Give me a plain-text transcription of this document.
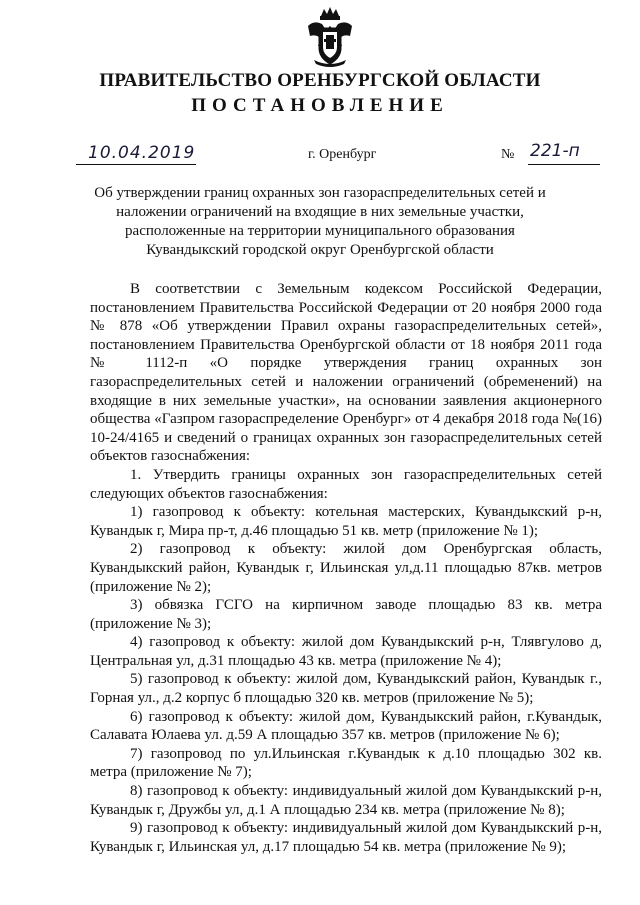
ПРАВИТЕЛЬСТВО ОРЕНБУРГСКОЙ ОБЛАСТИ
ПОСТАНОВЛЕНИЕ
10.04.2019	г. Оренбург	№ 221-п
Об утверждении границ охранных зон газораспределительных сетей и наложении ограничений на входящие в них земельные участки, расположенные на территории муниципального образования Кувандыкский городской округ Оренбургской области

В соответствии с Земельным кодексом Российской Федерации, постановлением Правительства Российской Федерации от 20 ноября 2000 года № 878 «Об утверждении Правил охраны газораспределительных сетей», постановлением Правительства Оренбургской области от 18 ноября 2011 года № 1112-п «О порядке утверждения границ охранных зон газораспределительных сетей и наложении ограничений (обременений) на входящие в них земельные участки», на основании заявления акционерного общества «Газпром газораспределение Оренбург» от 4 декабря 2018 года №(16) 10-24/4165 и сведений о границах охранных зон газораспределительных сетей объектов газоснабжения:

1. Утвердить границы охранных зон газораспределительных сетей следующих объектов газоснабжения:

1) газопровод к объекту: котельная мастерских, Кувандыкский р-н, Кувандык г, Мира пр-т, д.46 площадью 51 кв. метр (приложение № 1);

2) газопровод к объекту: жилой дом Оренбургская область, Кувандыкский район, Кувандык г, Ильинская ул,д.11 площадью 87кв. метров (приложение № 2);

3) обвязка ГСГО на кирпичном заводе площадью 83 кв. метра (приложение № 3);

4) газопровод к объекту: жилой дом Кувандыкский р-н, Тлявгулово д, Центральная ул, д.31 площадью 43 кв. метра (приложение № 4);

5) газопровод к объекту: жилой дом, Кувандыкский район, Кувандык г., Горная ул., д.2 корпус б площадью 320 кв. метров (приложение № 5);

6) газопровод к объекту: жилой дом, Кувандыкский район, г.Кувандык, Салавата Юлаева ул. д.59 А площадью 357 кв. метров (приложение № 6);

7) газопровод по ул.Ильинская г.Кувандык к д.10 площадью 302 кв. метра (приложение № 7);

8) газопровод к объекту: индивидуальный жилой дом Кувандыкский р-н, Кувандык г, Дружбы ул, д.1 А площадью 234 кв. метра (приложение № 8);

9) газопровод к объекту: индивидуальный жилой дом Кувандыкский р-н, Кувандык г, Ильинская ул, д.17 площадью 54 кв. метра (приложение № 9);
